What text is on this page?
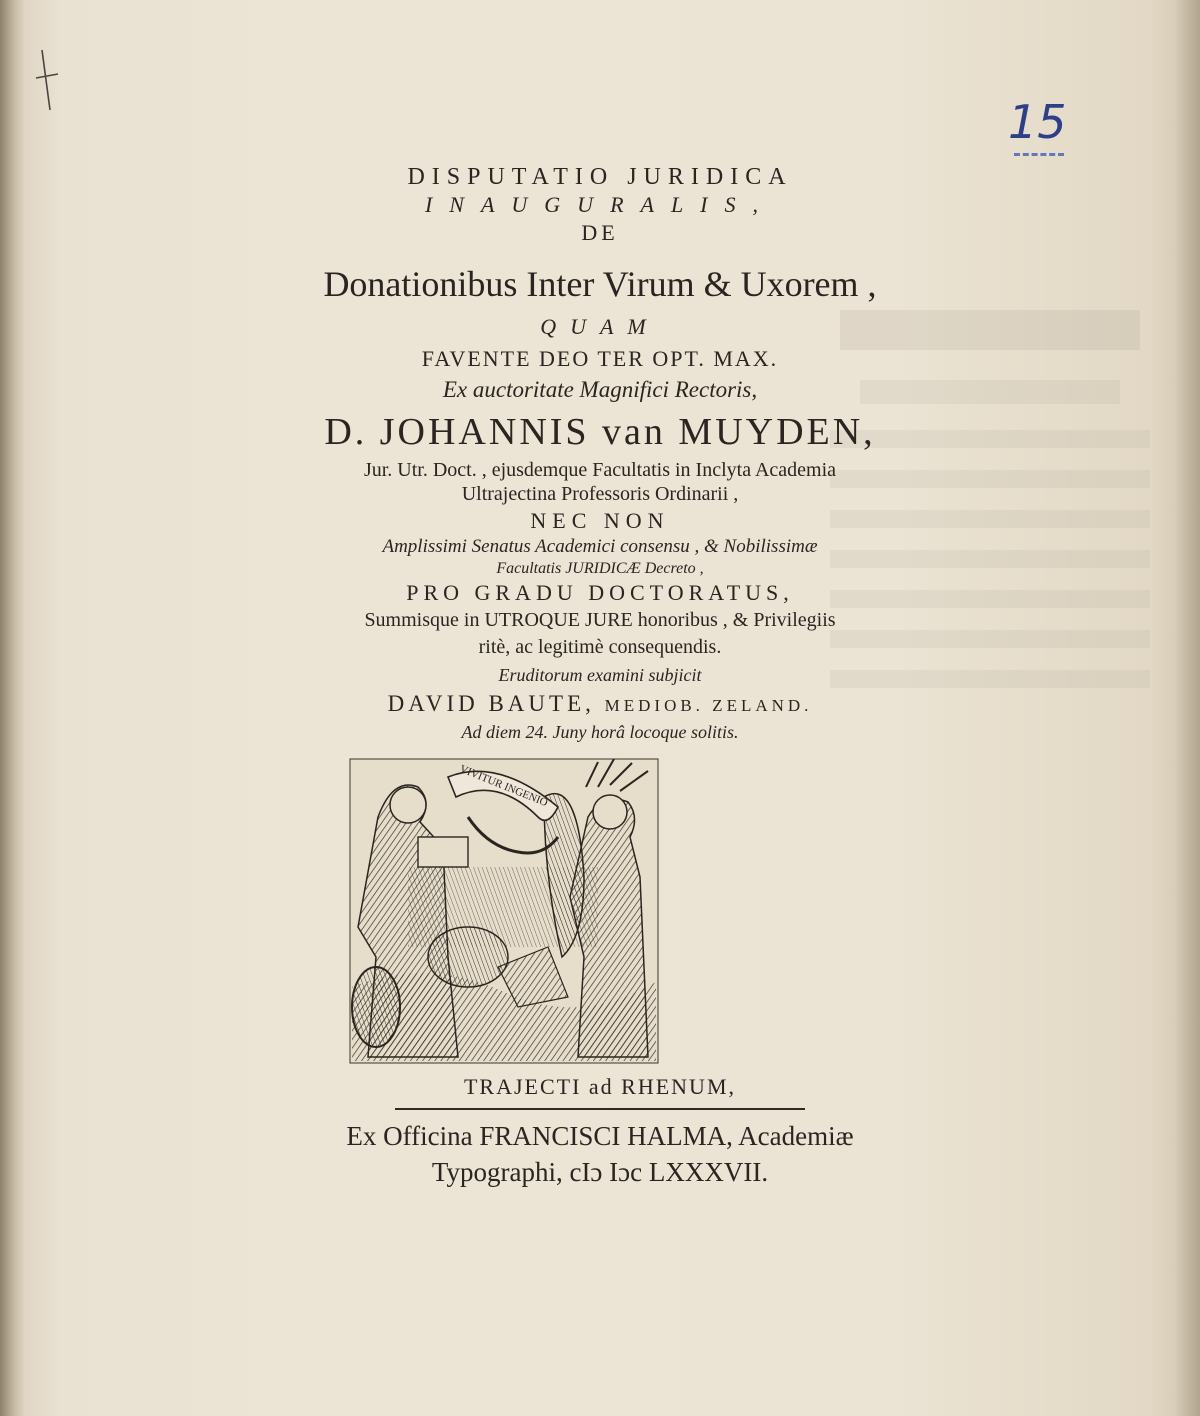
15
DISPUTATIO JURIDICA
INAUGURALIS,
DE
Donationibus Inter Virum & Uxorem ,
QUAM
FAVENTE DEO TER OPT. MAX.
Ex auctoritate Magnifici Rectoris,
D. JOHANNIS van MUYDEN,
Jur. Utr. Doct. , ejusdemque Facultatis in Inclyta Academia
Ultrajectina Professoris Ordinarii ,
NEC NON
Amplissimi Senatus Academici consensu , & Nobilissimæ
Facultatis JURIDICÆ Decreto ,
PRO GRADU DOCTORATUS,
Summisque in UTROQUE JURE honoribus , & Privilegiis
ritè, ac legitimè consequendis.
Eruditorum examini subjicit
DAVID BAUTE, MEDIOB. ZELAND.
Ad diem 24. Juny horâ locoque solitis.
VIVITUR INGENIO
TRAJECTI ad RHENUM,
Ex Officina FRANCISCI HALMA, Academiæ
Typographi, cIɔ Iɔc LXXXVII.
